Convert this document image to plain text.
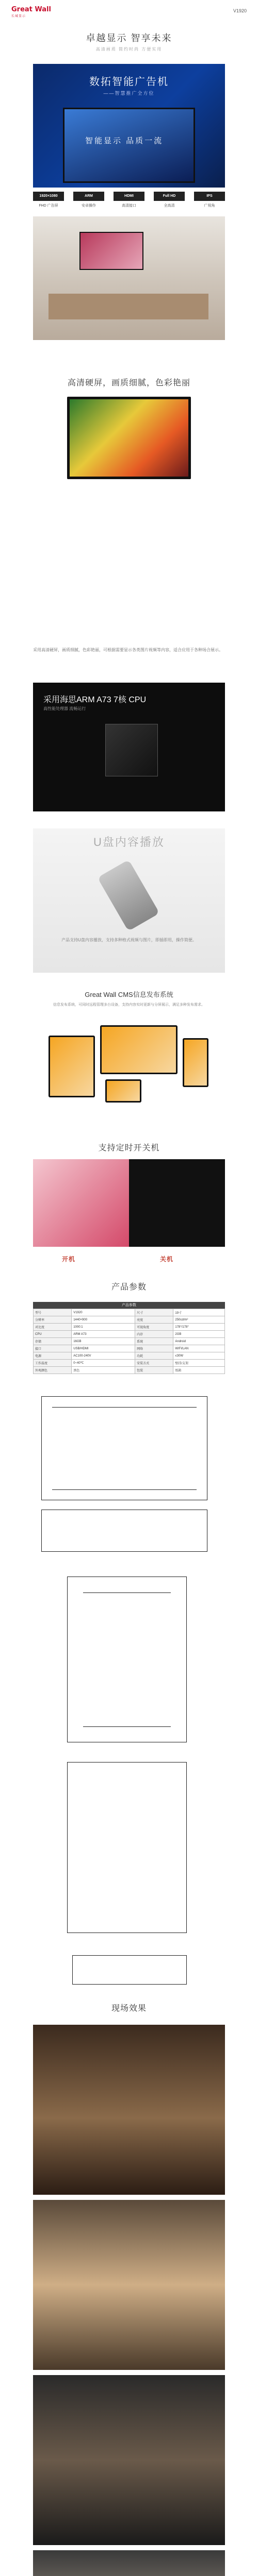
Great Wall
长城显示
V1920
卓越显示 智享未来
高清画质 简约时尚 方便实用
数拓智能广告机
——智慧推广全方位
智能显示 品质一流
1920×1080
FHD 广告屏
ARM
安卓操作
HDMI
高清接口
Full HD
全高清
IPS
广视角
高清硬屏，画质细腻，色彩艳丽
采用高清硬屏，画质细腻，色彩艳丽，可根据需要显示各类图片视频等内容，适合应用于各种场合展示。
采用海思ARM A73 7核 CPU
高性能处理器 流畅运行
U盘内容播放
产品支持U盘内容播放，支持多种格式视频与图片，即插即用，操作简便。
Great Wall CMS信息发布系统
信息发布系统，可同时远程管理多台设备，支持内容实时更新与分屏展示，满足多种发布需求。
支持定时开关机
开机	关机
产品参数
产品参数
型号	V1920	尺寸	19寸
分辨率	1440×900	亮度	250cd/m²
对比度	1000:1	可视角度	178°/178°
CPU	ARM A73	内存	2GB
存储	16GB	系统	Android
接口	USB/HDMI	网络	WIFI/LAN
电源	AC100-240V	功耗	≤30W
工作温度	0~40℃	安装方式	壁挂/支架
外观颜色	黑色	包装	纸箱
现场效果
